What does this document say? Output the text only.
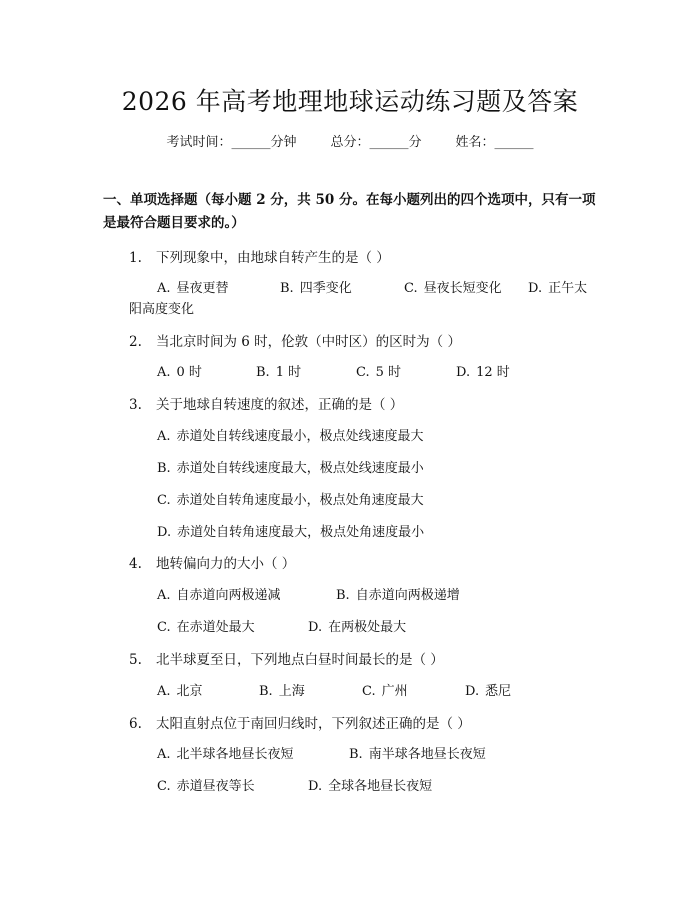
2026 年高考地理地球运动练习题及答案
考试时间：______分钟	总分：______分	姓名：______
一、单项选择题（每小题 2 分，共 50 分。在每小题列出的四个选项中，只有一项是最符合题目要求的。）
1. 下列现象中，由地球自转产生的是（ ）
A. 昼夜更替	B. 四季变化	C. 昼夜长短变化 D. 正午太
阳高度变化
2. 当北京时间为 6 时，伦敦（中时区）的区时为（ ）
A. 0 时	B. 1 时	C. 5 时	D. 12 时
3. 关于地球自转速度的叙述，正确的是（ ）
A. 赤道处自转线速度最小，极点处线速度最大
B. 赤道处自转线速度最大，极点处线速度最小
C. 赤道处自转角速度最小，极点处角速度最大
D. 赤道处自转角速度最大，极点处角速度最小
4. 地转偏向力的大小（ ）
A. 自赤道向两极递减	B. 自赤道向两极递增
C. 在赤道处最大	D. 在两极处最大
5. 北半球夏至日，下列地点白昼时间最长的是（ ）
A. 北京	B. 上海	C. 广州	D. 悉尼
6. 太阳直射点位于南回归线时，下列叙述正确的是（ ）
A. 北半球各地昼长夜短	B. 南半球各地昼长夜短
C. 赤道昼夜等长	D. 全球各地昼长夜短
